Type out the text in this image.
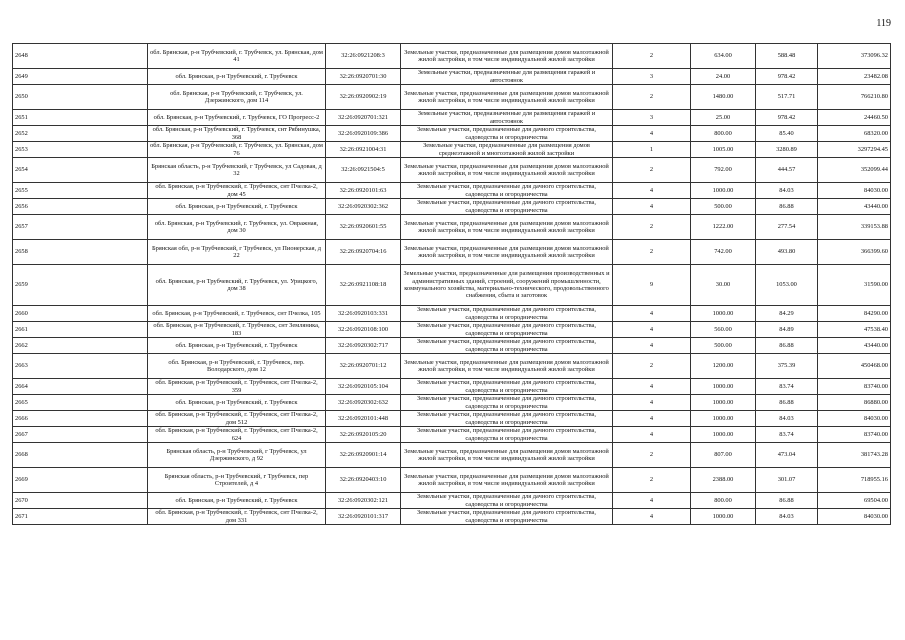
119
2648	обл. Брянская, р-н Трубчевский, г. Трубчевск, ул. Брянская, дом 41	32:26:0921208:3	Земельные участки, предназначенные для размещения домов малоэтажной жилой застройки, в том числе индивидуальной жилой застройки	2	634.00	588.48	373096.32
2649	обл. Брянская, р-н Трубчевский, г. Трубчевск	32:26:0920701:30	Земельные участки, предназначенные для размещения гаражей и автостоянок	3	24.00	978.42	23482.08
2650	обл. Брянская, р-н Трубчевский, г. Трубчевск, ул. Дзержинского, дом 114	32:26:0920902:19	Земельные участки, предназначенные для размещения домов малоэтажной жилой застройки, в том числе индивидуальной жилой застройки	2	1480.00	517.71	766210.80
2651	обл. Брянская, р-н Трубчевский, г. Трубчевск, ГО Прогресс-2	32:26:0920701:321	Земельные участки, предназначенные для размещения гаражей и автостоянок	3	25.00	978.42	24460.50
2652	обл. Брянская, р-н Трубчевский, г. Трубчевск, снт Рябинушка, 368	32:26:0920109:386	Земельные участки, предназначенные для дачного строительства, садоводства и огородничества	4	800.00	85.40	68320.00
2653	обл. Брянская, р-н Трубчевский, г. Трубчевск, ул. Брянская, дом 76	32:26:0921004:31	Земельные участки, предназначенные для размещения домов среднеэтажной и многоэтажной жилой застройки	1	1005.00	3280.89	3297294.45
2654	Брянская область, р-н Трубчевский, г Трубчевск, ул Садовая, д 32	32:26:0921504:5	Земельные участки, предназначенные для размещения домов малоэтажной жилой застройки, в том числе индивидуальной жилой застройки	2	792.00	444.57	352099.44
2655	обл. Брянская, р-н Трубчевский, г. Трубчевск, снт Пчелка-2, дом 45	32:26:0920101:63	Земельные участки, предназначенные для дачного строительства, садоводства и огородничества	4	1000.00	84.03	84030.00
2656	обл. Брянская, р-н Трубчевский, г. Трубчевск	32:26:0920302:362	Земельные участки, предназначенные для дачного строительства, садоводства и огородничества	4	500.00	86.88	43440.00
2657	обл. Брянская, р-н Трубчевский, г. Трубчевск, ул. Овражная, дом 30	32:26:0920601:55	Земельные участки, предназначенные для размещения домов малоэтажной жилой застройки, в том числе индивидуальной жилой застройки	2	1222.00	277.54	339153.88
2658	Брянская обл, р-н Трубчевский, г Трубчевск, ул Пионерская, д 22	32:26:0920704:16	Земельные участки, предназначенные для размещения домов малоэтажной жилой застройки, в том числе индивидуальной жилой застройки	2	742.00	493.80	366399.60
2659	обл. Брянская, р-н Трубчевский, г. Трубчевск, ул. Урицкого, дом 38	32:26:0921108:18	Земельные участки, предназначенные для размещения производственных и административных зданий, строений, сооружений промышленности, коммунального хозяйства, материально-технического, продовольственного снабжения, сбыта и заготовок	9	30.00	1053.00	31590.00
2660	обл. Брянская, р-н Трубчевский, г. Трубчевск, снт Пчелка, 105	32:26:0920103:331	Земельные участки, предназначенные для дачного строительства, садоводства и огородничества	4	1000.00	84.29	84290.00
2661	обл. Брянская, р-н Трубчевский, г. Трубчевск, снт Земляника, 183	32:26:0920108:100	Земельные участки, предназначенные для дачного строительства, садоводства и огородничества	4	560.00	84.89	47538.40
2662	обл. Брянская, р-н Трубчевский, г. Трубчевск	32:26:0920302:717	Земельные участки, предназначенные для дачного строительства, садоводства и огородничества	4	500.00	86.88	43440.00
2663	обл. Брянская, р-н Трубчевский, г. Трубчевск, пер. Володарского, дом 12	32:26:0920701:12	Земельные участки, предназначенные для размещения домов малоэтажной жилой застройки, в том числе индивидуальной жилой застройки	2	1200.00	375.39	450468.00
2664	обл. Брянская, р-н Трубчевский, г. Трубчевск, снт Пчелка-2, 359	32:26:0920105:104	Земельные участки, предназначенные для дачного строительства, садоводства и огородничества	4	1000.00	83.74	83740.00
2665	обл. Брянская, р-н Трубчевский, г. Трубчевск	32:26:0920302:632	Земельные участки, предназначенные для дачного строительства, садоводства и огородничества	4	1000.00	86.88	86880.00
2666	обл. Брянская, р-н Трубчевский, г. Трубчевск, снт Пчелка-2, дом 512	32:26:0920101:448	Земельные участки, предназначенные для дачного строительства, садоводства и огородничества	4	1000.00	84.03	84030.00
2667	обл. Брянская, р-н Трубчевский, г. Трубчевск, снт Пчелка-2, 624	32:26:0920105:20	Земельные участки, предназначенные для дачного строительства, садоводства и огородничества	4	1000.00	83.74	83740.00
2668	Брянская область, р-н Трубчевский, г Трубчевск, ул Дзержинского, д 92	32:26:0920901:14	Земельные участки, предназначенные для размещения домов малоэтажной жилой застройки, в том числе индивидуальной жилой застройки	2	807.00	473.04	381743.28
2669	Брянская область, р-н Трубчевский, г Трубчевск, пер Строителей, д 4	32:26:0920403:10	Земельные участки, предназначенные для размещения домов малоэтажной жилой застройки, в том числе индивидуальной жилой застройки	2	2388.00	301.07	718955.16
2670	обл. Брянская, р-н Трубчевский, г. Трубчевск	32:26:0920302:121	Земельные участки, предназначенные для дачного строительства, садоводства и огородничества	4	800.00	86.88	69504.00
2671	обл. Брянская, р-н Трубчевский, г. Трубчевск, снт Пчелка-2, дом 331	32:26:0920101:317	Земельные участки, предназначенные для дачного строительства, садоводства и огородничества	4	1000.00	84.03	84030.00
